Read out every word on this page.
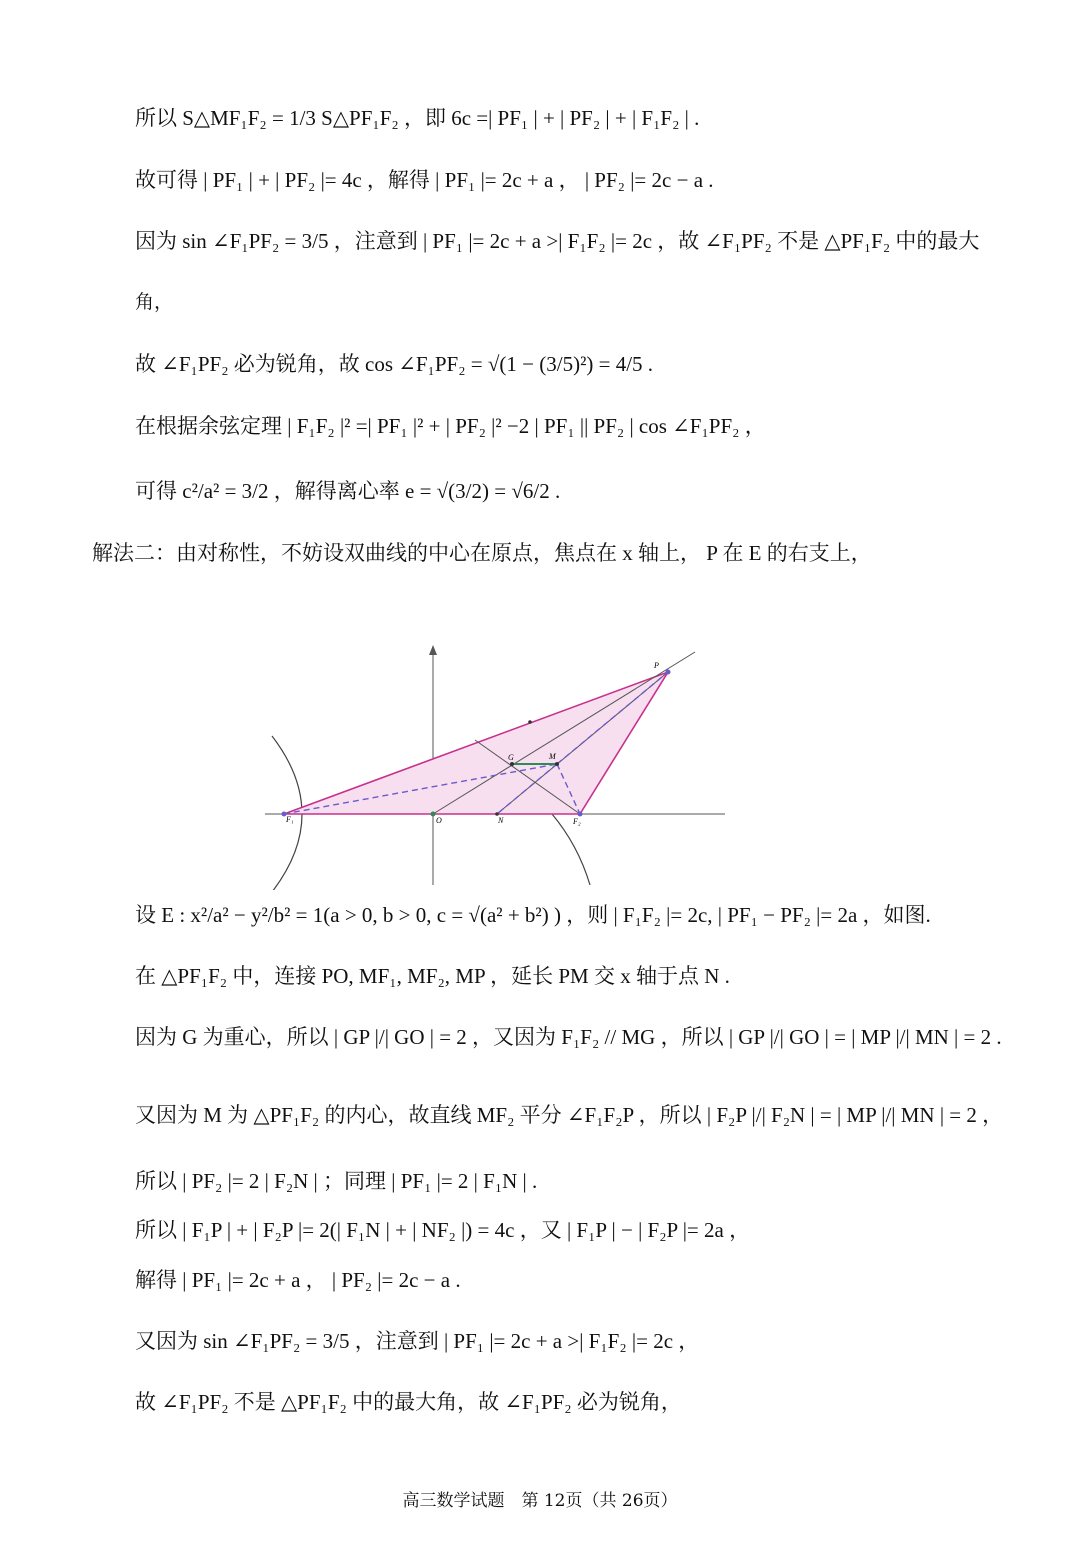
所以 S△MF₁F₂ = 1/3 S△PF₁F₂ ，即 6c =| PF₁ | + | PF₂ | + | F₁F₂ | .
故可得 | PF₁ | + | PF₂ |= 4c ，解得 | PF₁ |= 2c + a ， | PF₂ |= 2c − a .
因为 sin ∠F₁PF₂ = 3/5 ，注意到 | PF₁ |= 2c + a >| F₁F₂ |= 2c ，故 ∠F₁PF₂ 不是 △PF₁F₂ 中的最大
角，
故 ∠F₁PF₂ 必为锐角，故 cos ∠F₁PF₂ = √(1 − (3/5)²) = 4/5 .
在根据余弦定理 | F₁F₂ |² =| PF₁ |² + | PF₂ |² −2 | PF₁ || PF₂ | cos ∠F₁PF₂ ，
可得 c²/a² = 3/2 ，解得离心率 e = √(3/2) = √6/2 .
解法二：由对称性，不妨设双曲线的中心在原点，焦点在 x 轴上， P 在 E 的右支上，
P
G	M
F₁	O	N	F₂
设 E : x²/a² − y²/b² = 1(a > 0, b > 0, c = √(a² + b²) ) ，则 | F₁F₂ |= 2c, | PF₁ − PF₂ |= 2a ，如图.
在 △PF₁F₂ 中，连接 PO, MF₁, MF₂, MP ，延长 PM 交 x 轴于点 N .
因为 G 为重心，所以 | GP |/| GO | = 2 ，又因为 F₁F₂ // MG ，所以 | GP |/| GO | = | MP |/| MN | = 2 .
又因为 M 为 △PF₁F₂ 的内心，故直线 MF₂ 平分 ∠F₁F₂P ，所以 | F₂P |/| F₂N | = | MP |/| MN | = 2 ，
所以 | PF₂ |= 2 | F₂N | ；同理 | PF₁ |= 2 | F₁N | .
所以 | F₁P | + | F₂P |= 2(| F₁N | + | NF₂ |) = 4c ，又 | F₁P | − | F₂P |= 2a ，
解得 | PF₁ |= 2c + a ， | PF₂ |= 2c − a .
又因为 sin ∠F₁PF₂ = 3/5 ，注意到 | PF₁ |= 2c + a >| F₁F₂ |= 2c ，
故 ∠F₁PF₂ 不是 △PF₁F₂ 中的最大角，故 ∠F₁PF₂ 必为锐角，
高三数学试题　第 12页（共 26页）
